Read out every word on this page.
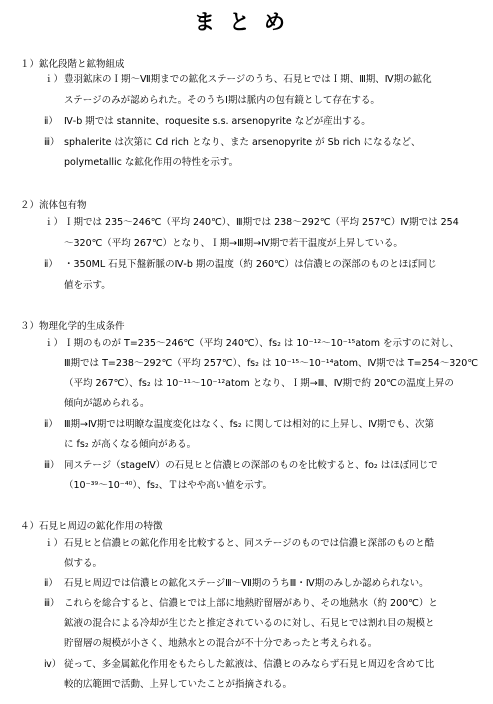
まとめ
１）鉱化段階と鉱物組成
ｉ） 豊羽鉱床のＩ期～Ⅶ期までの鉱化ステージのうち、石見ヒではＩ期、Ⅲ期、Ⅳ期の鉱化
ステージのみが認められた。そのうちⅠ期は脈内の包有鏡として存在する。
ⅱ） Ⅳ-b 期では stannite、roquesite s.s. arsenopyrite などが産出する。
ⅲ） sphalerite は次第に Cd rich となり、また arsenopyrite が Sb rich になるなど、
polymetallic な鉱化作用の特性を示す。
２）流体包有物
ｉ） Ｉ期では 235～246℃（平均 240℃）、Ⅲ期では 238～292℃（平均 257℃）Ⅳ期では 254
～320℃（平均 267℃）となり、Ｉ期→Ⅲ期→Ⅳ期で若干温度が上昇している。
ⅱ） ・350ML 石見下盤新脈のⅣ-b 期の温度（約 260℃）は信濃ヒの深部のものとほぼ同じ
値を示す。
３）物理化学的生成条件
ｉ） Ｉ期のものが T=235～246℃（平均 240℃）、fs₂ は 10⁻¹²～10⁻¹⁵atom を示すのに対し、
Ⅲ期では T=238～292℃（平均 257℃）、fs₂ は 10⁻¹⁵～10⁻¹⁴atom、Ⅳ期では T=254～320℃
（平均 267℃）、fs₂ は 10⁻¹¹～10⁻¹²atom となり、Ｉ期→Ⅲ、Ⅳ期で約 20℃の温度上昇の
傾向が認められる。
ⅱ） Ⅲ期→Ⅳ期では明瞭な温度変化はなく、fs₂ に関しては相対的に上昇し、Ⅳ期でも、次第
に fs₂ が高くなる傾向がある。
ⅲ） 同ステージ（stageⅣ）の石見ヒと信濃ヒの深部のものを比較すると、fo₂ はほぼ同じで
（10⁻³⁹～10⁻⁴⁰）、fs₂、Ｔはやや高い値を示す。
４）石見ヒ周辺の鉱化作用の特徴
ｉ） 石見ヒと信濃ヒの鉱化作用を比較すると、同ステージのものでは信濃ヒ深部のものと酷
似する。
ⅱ） 石見ヒ周辺では信濃ヒの鉱化ステージⅢ～Ⅶ期のうちⅢ・Ⅳ期のみしか認められない。
ⅲ） これらを総合すると、信濃ヒでは上部に地熱貯留層があり、その地熱水（約 200℃）と
鉱液の混合による冷却が生じたと推定されているのに対し、石見ヒでは割れ目の規模と
貯留層の規模が小さく、地熱水との混合が不十分であったと考えられる。
ⅳ） 従って、多金属鉱化作用をもたらした鉱液は、信濃ヒのみならず石見ヒ周辺を含めて比
較的広範囲で活動、上昇していたことが指摘される。
